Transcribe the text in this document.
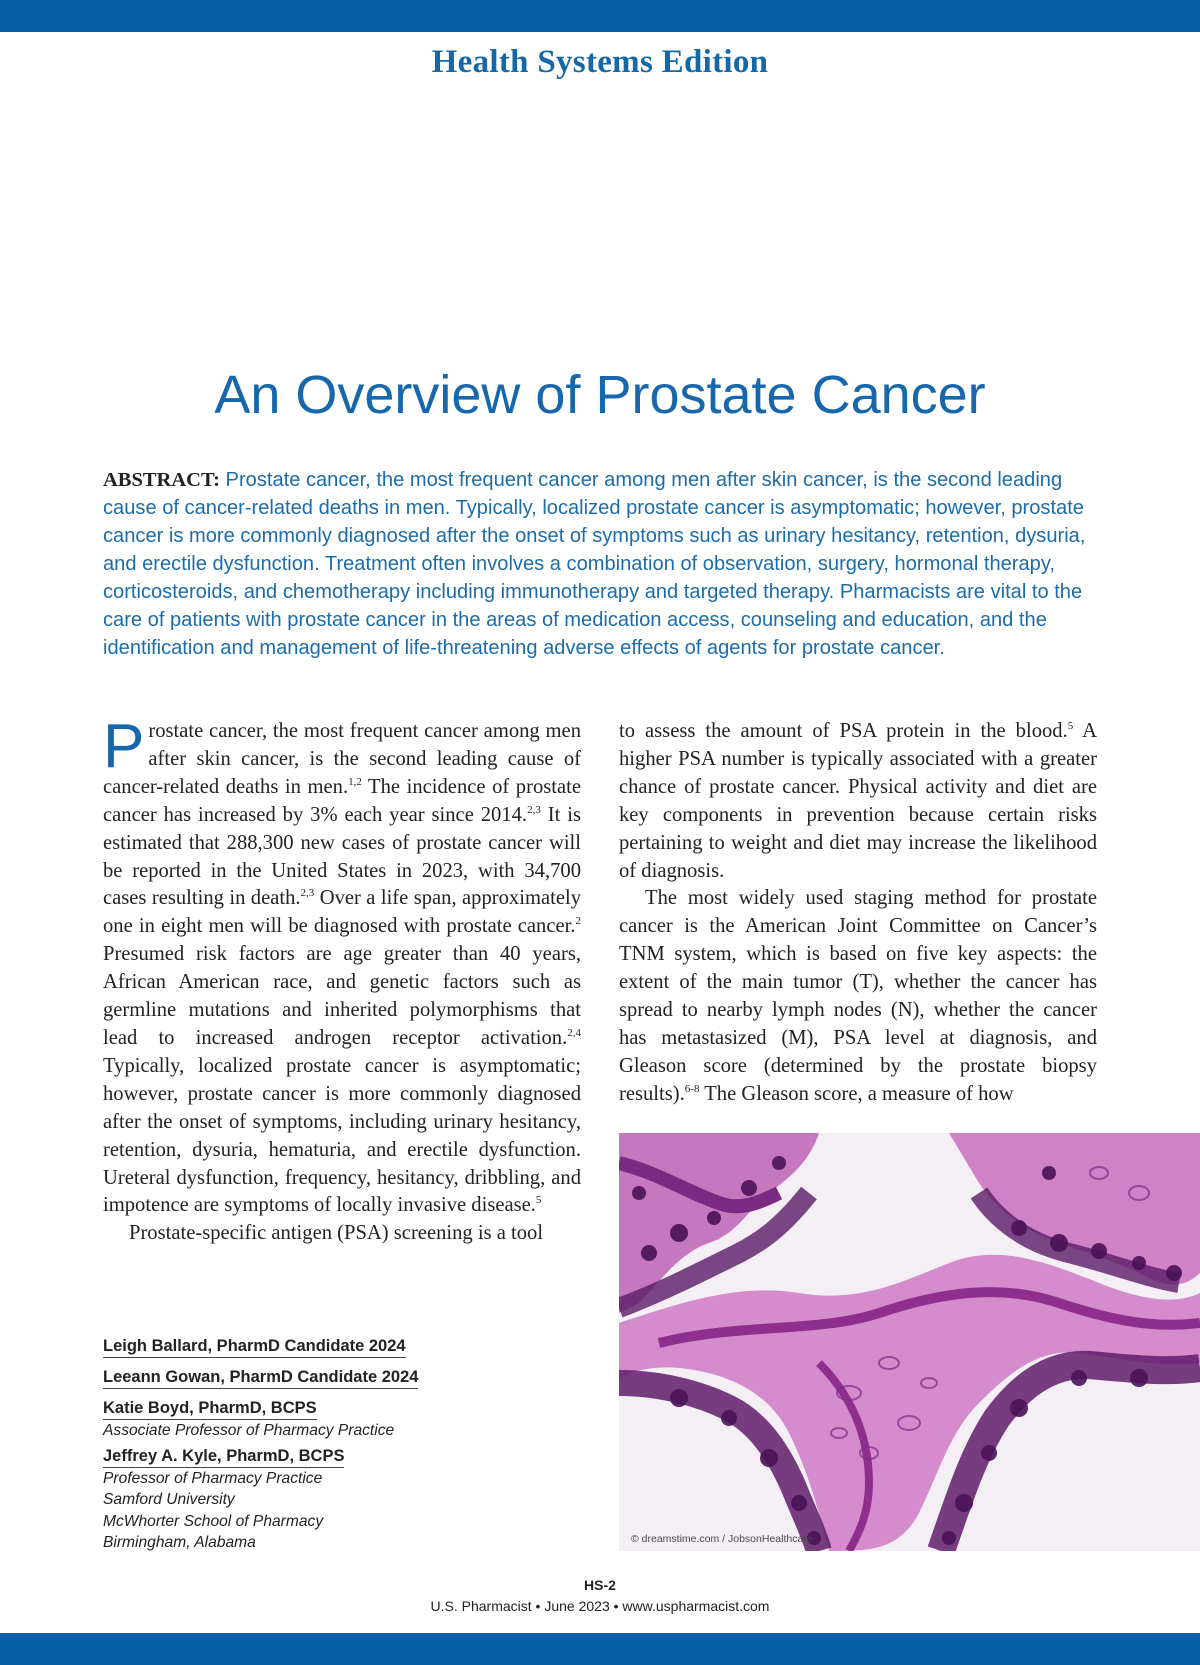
Health Systems Edition
An Overview of Prostate Cancer
ABSTRACT: Prostate cancer, the most frequent cancer among men after skin cancer, is the second leading cause of cancer-related deaths in men. Typically, localized prostate cancer is asymptomatic; however, prostate cancer is more commonly diagnosed after the onset of symptoms such as urinary hesitancy, retention, dysuria, and erectile dysfunction. Treatment often involves a combination of observation, surgery, hormonal therapy, corticosteroids, and chemotherapy including immunotherapy and targeted therapy. Pharmacists are vital to the care of patients with prostate cancer in the areas of medication access, counseling and education, and the identification and management of life-threatening adverse effects of agents for prostate cancer.

Prostate cancer, the most frequent cancer among men after skin cancer, is the second leading cause of cancer-related deaths in men.$^{1,2}$ The incidence of prostate cancer has increased by 3% each year since 2014.$^{2,3}$ It is estimated that 288,300 new cases of prostate cancer will be reported in the United States in 2023, with 34,700 cases resulting in death.$^{2,3}$ Over a life span, approximately one in eight men will be diagnosed with prostate cancer.$^2$ Presumed risk factors are age greater than 40 years, African American race, and genetic factors such as germline mutations and inherited polymorphisms that lead to increased androgen receptor activation.$^{2,4}$ Typically, localized prostate cancer is asymptomatic; however, prostate cancer is more commonly diagnosed after the onset of symptoms, including urinary hesitancy, retention, dysuria, hematuria, and erectile dysfunction. Ureteral dysfunction, frequency, hesitancy, dribbling, and impotence are symptoms of locally invasive disease.$^5$

Prostate-specific antigen (PSA) screening is a tool

to assess the amount of PSA protein in the blood.$^5$ A higher PSA number is typically associated with a greater chance of prostate cancer. Physical activity and diet are key components in prevention because certain risks pertaining to weight and diet may increase the likelihood of diagnosis.

The most widely used staging method for prostate cancer is the American Joint Committee on Cancer’s TNM system, which is based on five key aspects: the extent of the main tumor (T), whether the cancer has spread to nearby lymph nodes (N), whether the cancer has metastasized (M), PSA level at diagnosis, and Gleason score (determined by the prostate biopsy results).$^{6-8}$ The Gleason score, a measure of how

Leigh Ballard, PharmD Candidate 2024
Leeann Gowan, PharmD Candidate 2024
Katie Boyd, PharmD, BCPS
Associate Professor of Pharmacy Practice
Jeffrey A. Kyle, PharmD, BCPS
Professor of Pharmacy Practice
Samford University
McWhorter School of Pharmacy
Birmingham, Alabama	© dreamstime.com / JobsonHealthcare
HS-2
U.S. Pharmacist • June 2023 • www.uspharmacist.com
